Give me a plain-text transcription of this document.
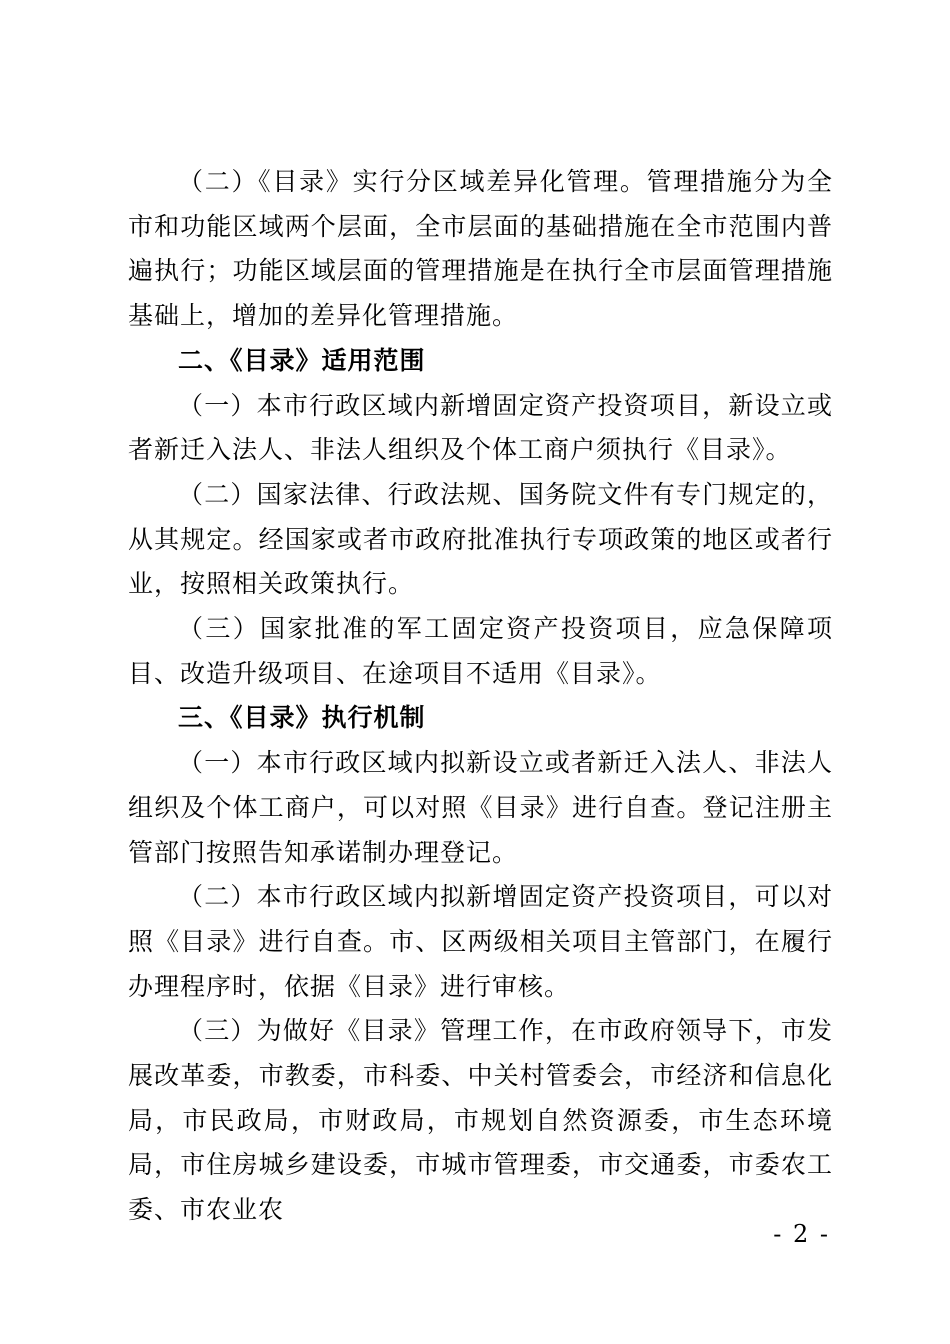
（二）《目录》实行分区域差异化管理。管理措施分为全市和功能区域两个层面，全市层面的基础措施在全市范围内普遍执行；功能区域层面的管理措施是在执行全市层面管理措施基础上，增加的差异化管理措施。

二、《目录》适用范围

（一）本市行政区域内新增固定资产投资项目，新设立或者新迁入法人、非法人组织及个体工商户须执行《目录》。

（二）国家法律、行政法规、国务院文件有专门规定的，从其规定。经国家或者市政府批准执行专项政策的地区或者行业，按照相关政策执行。

（三）国家批准的军工固定资产投资项目，应急保障项目、改造升级项目、在途项目不适用《目录》。

三、《目录》执行机制

（一）本市行政区域内拟新设立或者新迁入法人、非法人组织及个体工商户，可以对照《目录》进行自查。登记注册主管部门按照告知承诺制办理登记。

（二）本市行政区域内拟新增固定资产投资项目，可以对照《目录》进行自查。市、区两级相关项目主管部门，在履行办理程序时，依据《目录》进行审核。

（三）为做好《目录》管理工作，在市政府领导下，市发展改革委，市教委，市科委、中关村管委会，市经济和信息化局，市民政局，市财政局，市规划自然资源委，市生态环境局，市住房城乡建设委，市城市管理委，市交通委，市委农工委、市农业农

- 2 -
